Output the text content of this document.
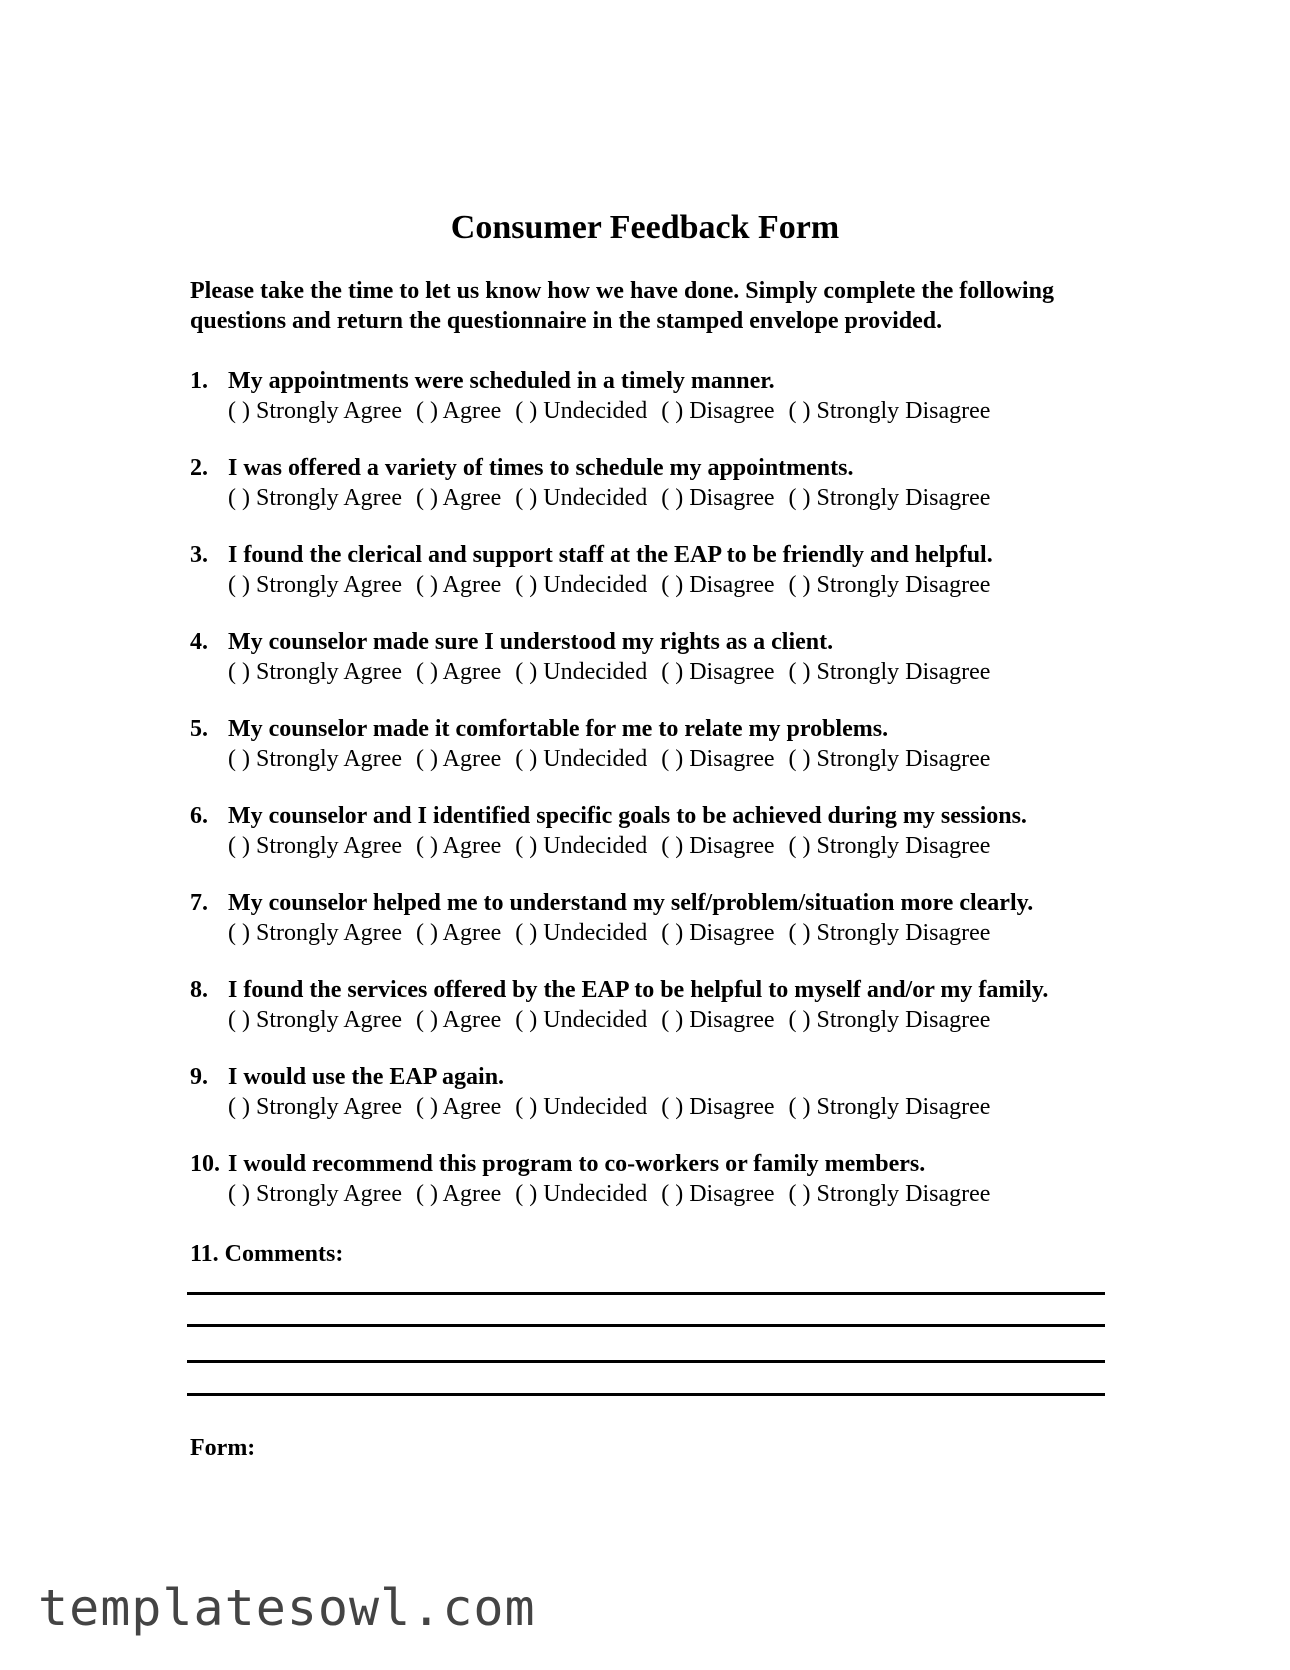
Consumer Feedback Form
Please take the time to let us know how we have done. Simply complete the following questions and return the questionnaire in the stamped envelope provided.
1. My appointments were scheduled in a timely manner.
( ) Strongly Agree ( ) Agree ( ) Undecided ( ) Disagree ( ) Strongly Disagree
2. I was offered a variety of times to schedule my appointments.
( ) Strongly Agree ( ) Agree ( ) Undecided ( ) Disagree ( ) Strongly Disagree
3. I found the clerical and support staff at the EAP to be friendly and helpful.
( ) Strongly Agree ( ) Agree ( ) Undecided ( ) Disagree ( ) Strongly Disagree
4. My counselor made sure I understood my rights as a client.
( ) Strongly Agree ( ) Agree ( ) Undecided ( ) Disagree ( ) Strongly Disagree
5. My counselor made it comfortable for me to relate my problems.
( ) Strongly Agree ( ) Agree ( ) Undecided ( ) Disagree ( ) Strongly Disagree
6. My counselor and I identified specific goals to be achieved during my sessions.
( ) Strongly Agree ( ) Agree ( ) Undecided ( ) Disagree ( ) Strongly Disagree
7. My counselor helped me to understand my self/problem/situation more clearly.
( ) Strongly Agree ( ) Agree ( ) Undecided ( ) Disagree ( ) Strongly Disagree
8. I found the services offered by the EAP to be helpful to myself and/or my family.
( ) Strongly Agree ( ) Agree ( ) Undecided ( ) Disagree ( ) Strongly Disagree
9. I would use the EAP again.
( ) Strongly Agree ( ) Agree ( ) Undecided ( ) Disagree ( ) Strongly Disagree
10. I would recommend this program to co-workers or family members.
( ) Strongly Agree ( ) Agree ( ) Undecided ( ) Disagree ( ) Strongly Disagree
11. Comments:
Form:
templatesowl.com
